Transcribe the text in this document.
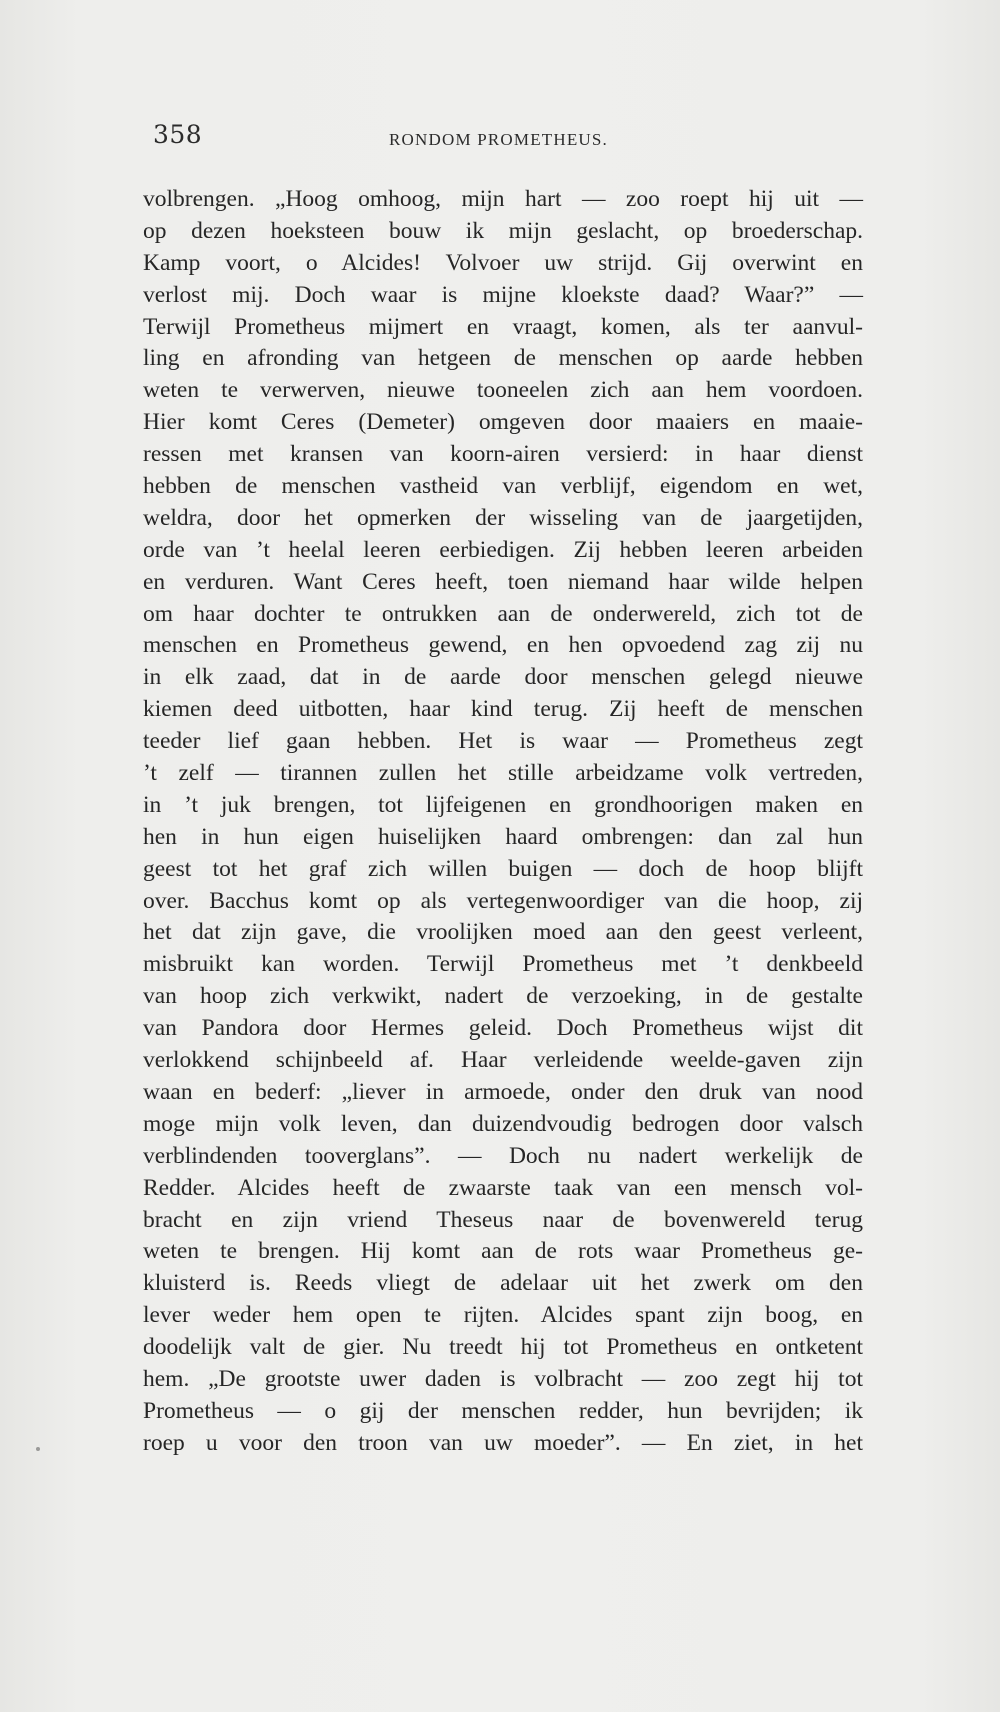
358	RONDOM PROMETHEUS.
volbrengen. „Hoog omhoog, mijn hart — zoo roept hij uit —
op dezen hoeksteen bouw ik mijn geslacht, op broederschap.
Kamp voort, o Alcides! Volvoer uw strijd. Gij overwint en
verlost mij. Doch waar is mijne kloekste daad? Waar?” —
Terwijl Prometheus mijmert en vraagt, komen, als ter aanvul-
ling en afronding van hetgeen de menschen op aarde hebben
weten te verwerven, nieuwe tooneelen zich aan hem voordoen.
Hier komt Ceres (Demeter) omgeven door maaiers en maaie-
ressen met kransen van koorn-airen versierd: in haar dienst
hebben de menschen vastheid van verblijf, eigendom en wet,
weldra, door het opmerken der wisseling van de jaargetijden,
orde van ’t heelal leeren eerbiedigen. Zij hebben leeren arbeiden
en verduren. Want Ceres heeft, toen niemand haar wilde helpen
om haar dochter te ontrukken aan de onderwereld, zich tot de
menschen en Prometheus gewend, en hen opvoedend zag zij nu
in elk zaad, dat in de aarde door menschen gelegd nieuwe
kiemen deed uitbotten, haar kind terug. Zij heeft de menschen
teeder lief gaan hebben. Het is waar — Prometheus zegt
’t zelf — tirannen zullen het stille arbeidzame volk vertreden,
in ’t juk brengen, tot lijfeigenen en grondhoorigen maken en
hen in hun eigen huiselijken haard ombrengen: dan zal hun
geest tot het graf zich willen buigen — doch de hoop blijft
over. Bacchus komt op als vertegenwoordiger van die hoop, zij
het dat zijn gave, die vroolijken moed aan den geest verleent,
misbruikt kan worden. Terwijl Prometheus met ’t denkbeeld
van hoop zich verkwikt, nadert de verzoeking, in de gestalte
van Pandora door Hermes geleid. Doch Prometheus wijst dit
verlokkend schijnbeeld af. Haar verleidende weelde-gaven zijn
waan en bederf: „liever in armoede, onder den druk van nood
moge mijn volk leven, dan duizendvoudig bedrogen door valsch
verblindenden tooverglans”. — Doch nu nadert werkelijk de
Redder. Alcides heeft de zwaarste taak van een mensch vol-
bracht en zijn vriend Theseus naar de bovenwereld terug
weten te brengen. Hij komt aan de rots waar Prometheus ge-
kluisterd is. Reeds vliegt de adelaar uit het zwerk om den
lever weder hem open te rijten. Alcides spant zijn boog, en
doodelijk valt de gier. Nu treedt hij tot Prometheus en ontketent
hem. „De grootste uwer daden is volbracht — zoo zegt hij tot
Prometheus — o gij der menschen redder, hun bevrijden; ik
roep u voor den troon van uw moeder”. — En ziet, in het
